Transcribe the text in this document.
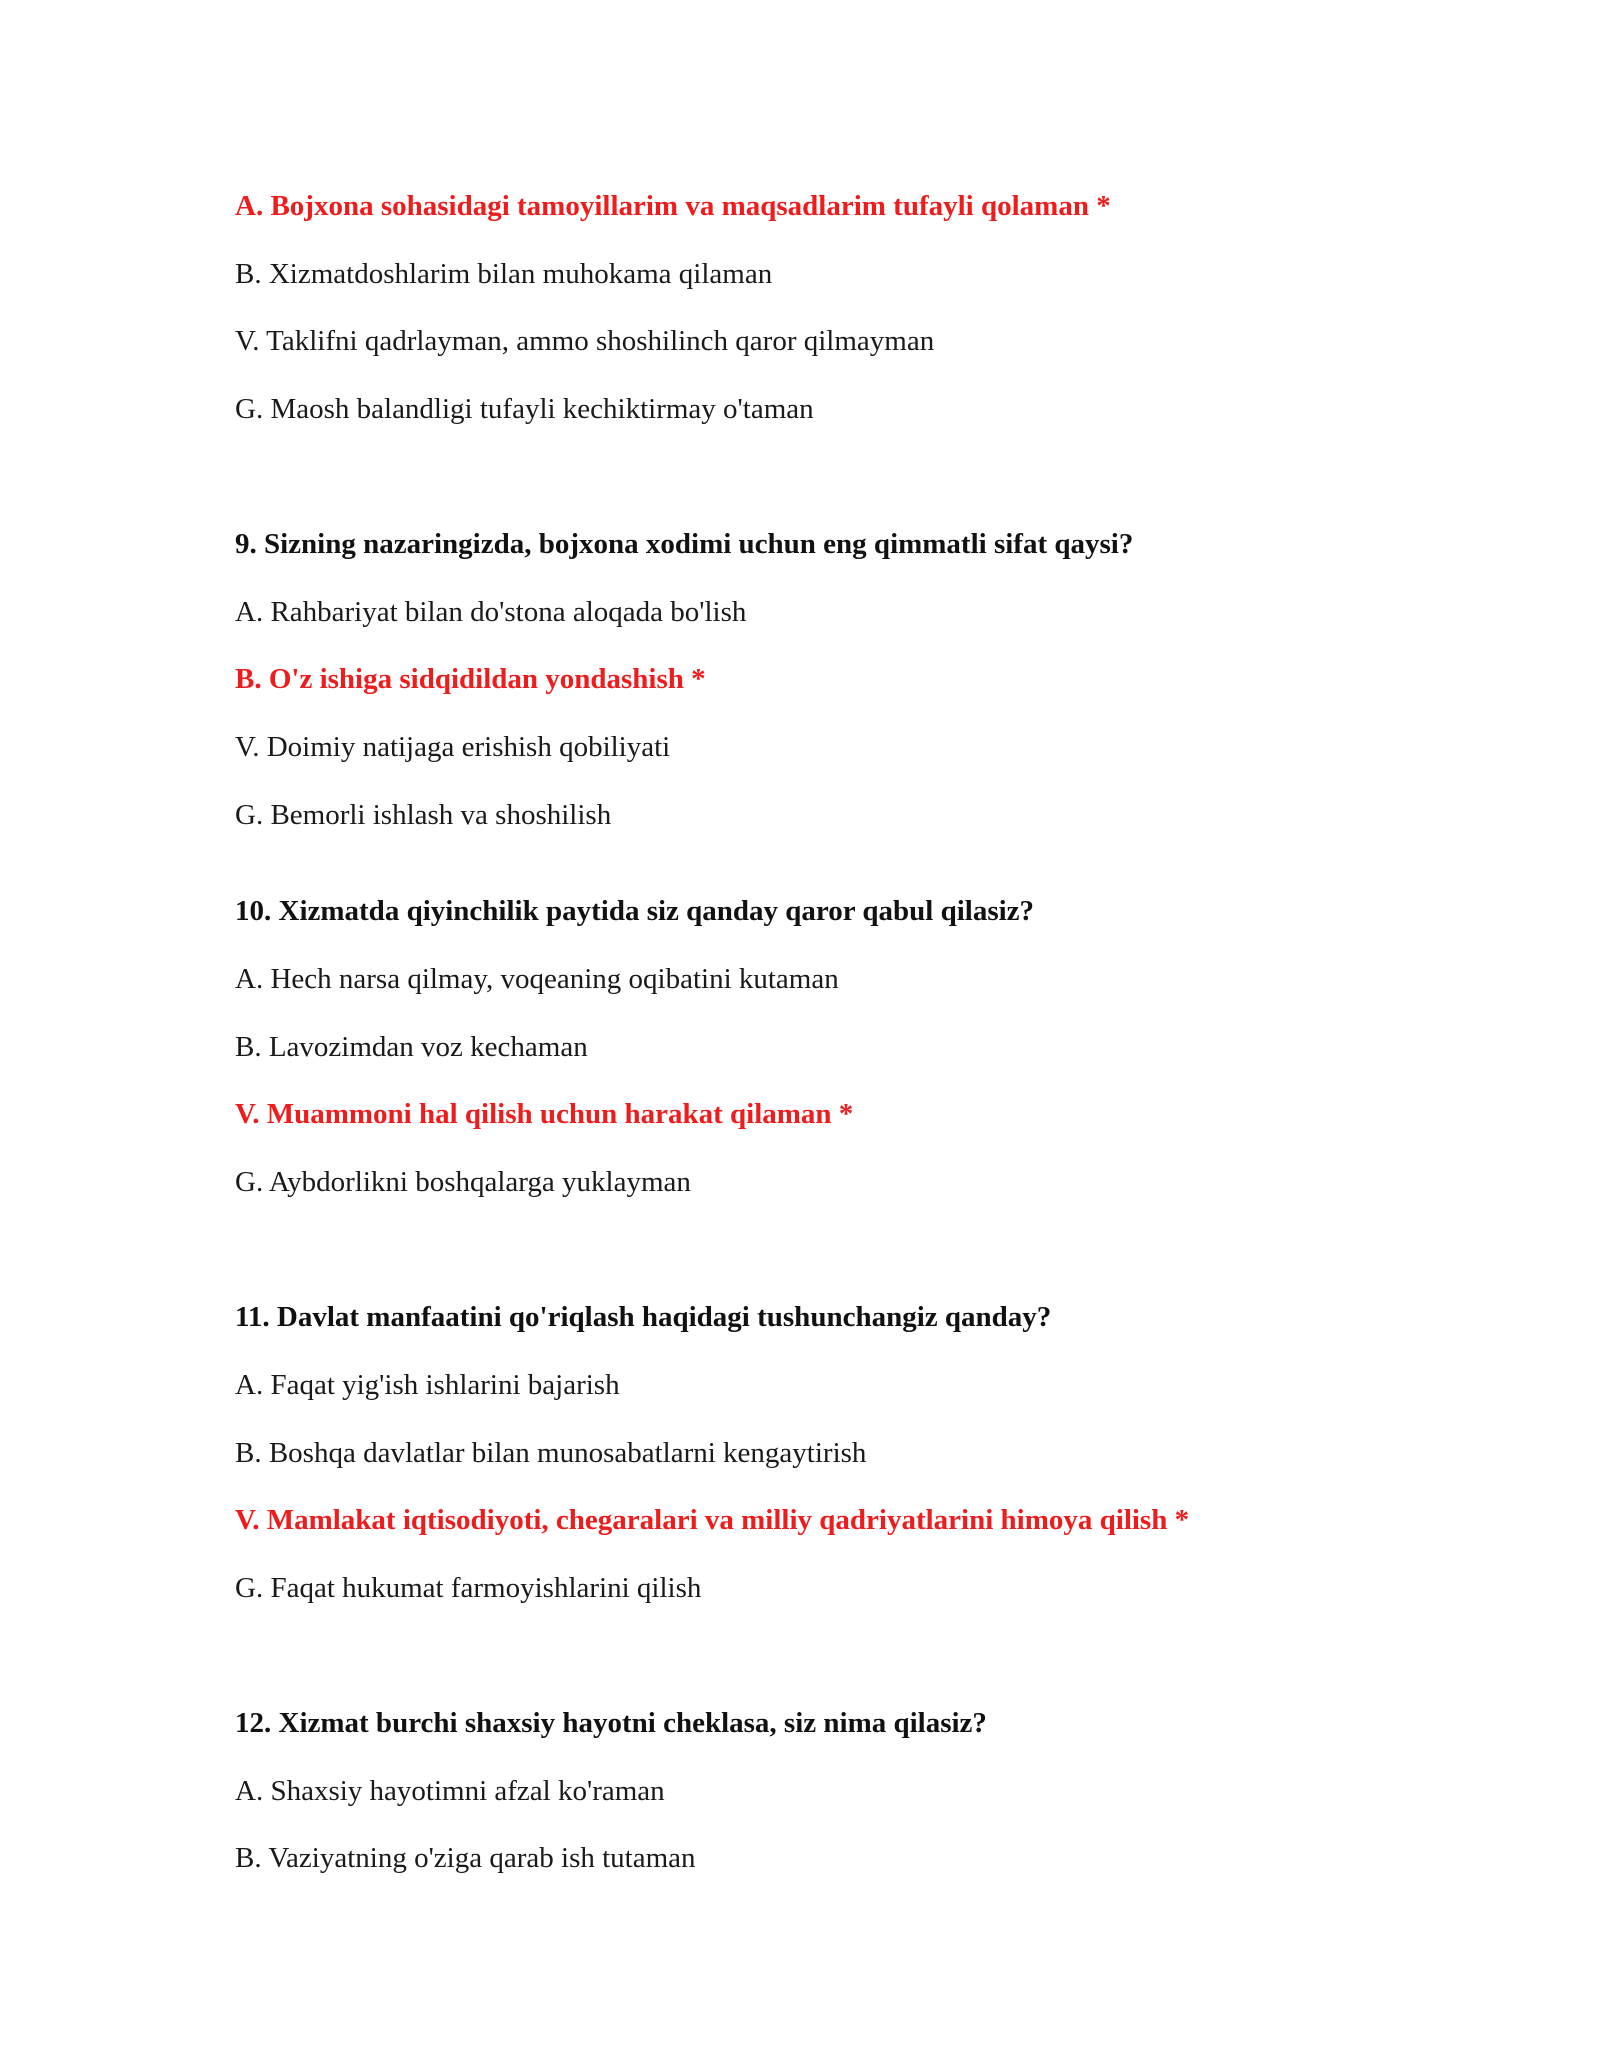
A. Bojxona sohasidagi tamoyillarim va maqsadlarim tufayli qolaman *

B. Xizmatdoshlarim bilan muhokama qilaman

V. Taklifni qadrlayman, ammo shoshilinch qaror qilmayman

G. Maosh balandligi tufayli kechiktirmay o'taman

9. Sizning nazaringizda, bojxona xodimi uchun eng qimmatli sifat qaysi?

A. Rahbariyat bilan do'stona aloqada bo'lish

B. O'z ishiga sidqidildan yondashish *

V. Doimiy natijaga erishish qobiliyati

G. Bemorli ishlash va shoshilish

10. Xizmatda qiyinchilik paytida siz qanday qaror qabul qilasiz?

A. Hech narsa qilmay, voqeaning oqibatini kutaman

B. Lavozimdan voz kechaman

V. Muammoni hal qilish uchun harakat qilaman *

G. Aybdorlikni boshqalarga yuklayman

11. Davlat manfaatini qo'riqlash haqidagi tushunchangiz qanday?

A. Faqat yig'ish ishlarini bajarish

B. Boshqa davlatlar bilan munosabatlarni kengaytirish

V. Mamlakat iqtisodiyoti, chegaralari va milliy qadriyatlarini himoya qilish *

G. Faqat hukumat farmoyishlarini qilish

12. Xizmat burchi shaxsiy hayotni cheklasa, siz nima qilasiz?

A. Shaxsiy hayotimni afzal ko'raman

B. Vaziyatning o'ziga qarab ish tutaman
